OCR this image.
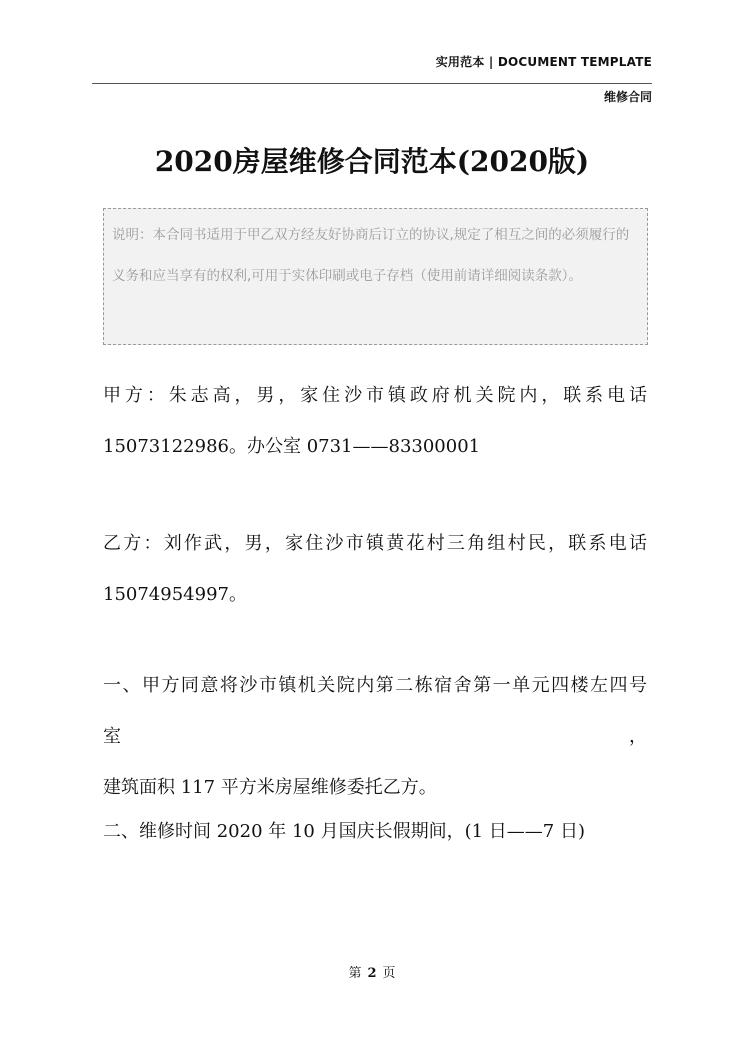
实用范本 | DOCUMENT TEMPLATE
维修合同
2020房屋维修合同范本(2020版)
说明：本合同书适用于甲乙双方经友好协商后订立的协议,规定了相互之间的必须履行的义务和应当享有的权利,可用于实体印刷或电子存档（使用前请详细阅读条款）。
甲方：朱志高，男，家住沙市镇政府机关院内，联系电话
15073122986。办公室 0731——83300001
乙方：刘作武，男，家住沙市镇黄花村三角组村民，联系电话
15074954997。
一、甲方同意将沙市镇机关院内第二栋宿舍第一单元四楼左四号室，
建筑面积 117 平方米房屋维修委托乙方。
二、维修时间 2020 年 10 月国庆长假期间，(1 日——7 日)
第 2 页
